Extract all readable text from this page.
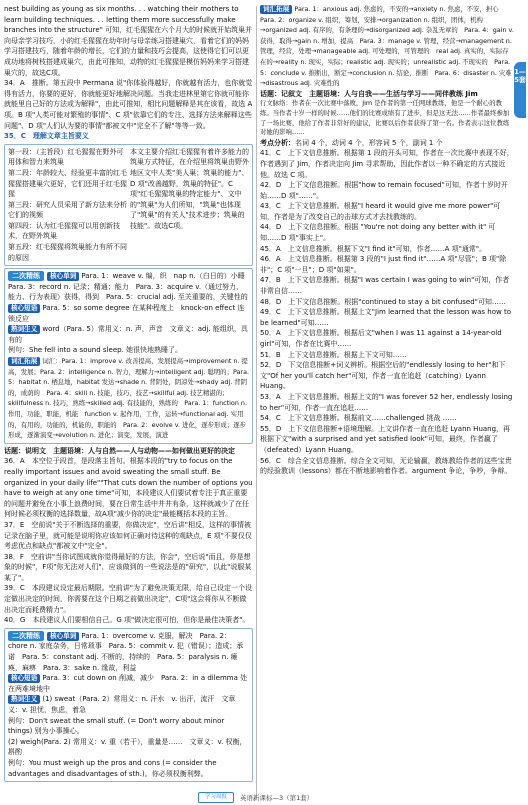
1—5套

nest building as young as six months. . . watching their mothers to learn building techniques. . . letting them more successfully make branches into the structure" 可知，红毛猩猩在六个月大的时候就开始筑巢并向母亲学习技巧，小的红毛猩猩在幼年时与母亲练习搭建巢穴，看着它们的妈妈学习搭建技巧，随着年龄的增长，它们的力量和技巧会提高，这使得它们可以更成功地将树枝搭建成巢穴，由此可推知，动物的红毛猩猩是模仿妈妈来学习搭建巢穴的，故选C项。

34．A　推断。第五段中 Permana 说"你体验得越好，你就越有活力，也你就觉得有活力，你要的更好，你就能更好地解决问题。当我走进林里第它你就可能你就能里自己好的方法或为解释"，由此可推知，相比问题解释是其在该看，故选 A 项。B 项"人类可能对繁殖的事情"、C 项"依靠它们的专注、选择方法来解释这些问题"、D 项"人们认为要的事情"都被文中"完全不了解"等等一致。

35．C　理解文章主旨要义

第一段：（主旨段）红毛猩猩在野外可用体和智力来筑巢

第二段：年龄较大、经验更丰富的红毛猩猩搭建巢穴更好，它们还用于红毛猩猩

第三段：研究人员采用了新方法来分析它们的视频

第四段：认为红毛猩猩可以用创新技术，在野外筑巢

第五段：红毛猩猩将筑巢能力有所不同的原因

本文主要介绍红毛猩猩有着许多能力的筑巢方式特征，在介绍里将筑巢由野外地区文中人类"美人巢；筑巢的能力"、D 项"改善越野，筑巢的特征"。C 项"红毛猩猩筑巢的特定能力"、文中的"筑巢"为人们所知，"筑巢"也体现了"筑巢"的有关人"技术进步；筑巢的技能"。故选C项。

二次精练 核心单词 Para. 1：weave v. 编，织　nap n.（白日的）小睡　Para. 3：record n. 记录；精通；能力　Para. 3：acquire v.（通过努力、能力、行为表现）获得，得到　Para. 5：crucial adj. 至关重要的，关键性的

核心短语 Para. 5：so some degree 在某种程度上　knock-on effect 连锁反应

熟词生义 word（Para. 5）常用义：n. 声，声音　文章义：adj. 能组织，具有的

例句：She fell into a sound sleep. 她很快地熟睡了。

词汇拓展 词汇：Para. 1：improve v. 改善提高，发展提高→improvement n. 提高，发展；Para. 2：intelligence n. 智力，理解力→intelligent adj. 聪明的；Para. 5：habitat n. 栖息地，habitat 发达→shade n. 背阴处，阴凉处→shady adj. 背阴的，成荫的　Para. 4：skill n. 技能，技巧，技艺→skillful adj. 技艺精湛的；skillfulness n. 技巧，熟练→skilled adj. 有技能的，熟练的　Para. 1：function n. 作用，功能，职能，机能　function v. 起作用，工作，运转→functional adj. 实用的，有用的，功能的，机能的，职能的　Para. 2：evolve v. 进化，逐步形成；逐步形成，逐渐演变→evolution n. 进化；演变，发展，演进

话题：说明文　主题语境：人与自然——人与动物——如何做出更好的决定

36．A　本空位于段首，是段落主旨句。根据本段的"try to focus on the really important issues and avoid sweating the small stuff. Be organized in your daily life""That cuts down the number of options you have to weigh at any one time"可知，本段建议人们要试着专注于真正重要的问题并避免在小事上浪费时间，要在日常生活中井井有条，这样就减少了在任何时候必须权衡的选择数量，故A项"减少你的决定"最能概括本段的主旨。

37．E　空前说"关于不断选择的重要，你做决定"，空后讲"相反，这样的事情被记录在脑子里，就可能是说明你应该如何正确对待这种的观缺点，E 项"不要仅仅考虑优点和缺点"都被文中"完全"。

38．F　空前讲"当你试图成就你觉得最好的方法，你会"，空后说"而且，你是想象的时候"，F项"你无法对人们"，应该做到的一些说法是的"研究"，以此"说服某某了"。

39．C　本段建议设定最后期限。空前讲"为了避免决策无限，给自己设定一个设定做出决定的时间，你需要在这个日期之前做出决定"，C项"这会将你从不断做出决定而耗费精力"。

40．G　本段建议人们要相信自己。G 项"做决定很可怕，但你是最佳决策者"。

二次精练 核心单词 Para. 1：overcome v. 克服，解决　Para. 2：chore n. 家庭杂务，日常琐事　Para. 5：commit v. 犯（错误）；造成；承诺　Para. 5：constant adj. 不断的，持续的　Para. 5：paralysis n. 瘫痪，麻痹　Para. 3：sake n. 缘故，利益

核心短语 Para. 3：cut down on 削减，减少　Para. 2：in a dilemma 处在两难境地中

熟词生义 (1) sweat（Para. 2）常用义：n. 汗水　v. 出汗，流汗　文章义：v. 担忧，焦虑，着急

例句：Don't sweat the small stuff. (= Don't worry about minor things) 别为小事操心。

(2) weigh(Para. 2) 常用义：v. 重（若干），重量是……　文章义：v. 权衡，斟酌

例句：You must weigh up the pros and cons (= consider the advantages and disadvantages of sth.)。你必须权衡利弊。

词汇拓展 Para. 1：anxious adj. 焦虑的，不安的→anxiety n. 焦虑，不安，担心　Para. 2：organize v. 组织，筹划，安排→organization n. 组织，团体，机构→organized adj. 有序的，有条理的→disorganized adj. 杂乱无章的　Para. 4：gain v. 获得，取得→gain n. 增加，提高　Para. 3：manage v. 管理，经营→management n. 管理，经营，处理→manageable adj. 可处理的，可管理的　real adj. 真实的，实际存在的→reality n. 现实，实际；realistic adj. 现实的；unrealistic adj. 不现实的　Para. 5：conclude v. 推断出，断定→conclusion n. 结论，推断　Para. 6：disaster n. 灾难→disastrous adj. 灾难性的

话题：记叙文　主题语境：人与自我——生活与学习——同伴教练 Jim

行文脉络：作者在一次比赛中落败，Jim 是作者的第一任网球教练，他是一个耐心的教练。当作者十岁一样的时候……他们的比赛成绩有了进步，但是这无法……作者最终参加了一场比赛，他给了作者非常好的建议，比赛以后作者获得了第一名。作者表示这位教练对她的影响……

考点分析：名词 4 个，动词 4 个，形容词 5 个，副词 1 个

41．C　上下文信息推断。根据第 1 段的开头可知，作者在一次比赛中表现不好，作者遇到了 Jim，作者决定向 Jim 寻求帮助，因此作者以一种不确定的方式接近他。故选 C 项。

42．D　上下文信息推断。根据"how to remain focused"可知，作者十岁时开始……D 项"……"。

43．C　上下文信息推断。根据"I heard it would give me more power"可知，作者是为了改变自己的击球方式才去找教练的。

44．D　上下文信息推断。根据 "You're not doing any better with it" 可知……D 项"事实上"。

45．A　上文信息推断。根据下文"I find it"可知，作者……A 项"通常"。

46．A　上文信息推断。根据第 3 段的"I just find it"……A 项"尽管"；B 项"除非"；C 项"一旦"；D 项"如果"。

47．B　上下文信息推断。根据"I was certain I was going to win"可知，作者非常自信……

48．D　上下文信息推断。根据"continued to stay a bit confused"可知……

49．C　上下文信息推断。根据上文"Jim learned that the lesson was how to be learned"可知……

50．A　上下文信息推断。根据后文"when I was 11 against a 14-year-old girl"可知，作者在比赛中……

51．B　上下文信息推断。根据上下文可知……

52．D　下文信息推断+词义辨析。根据空后的"endlessly losing to her"和下文"Of her you'll catch her"可知，作者一直在追赶（catching）Lyann Huang。

53．A　上下文信息推断。根据上文的"I was forever 52 her, endlessly losing to her"可知，作者一直在追赶……

54．C　上下文信息推断。根据前文……challenged 挑战 ……

55．D　上下文信息推断+语境理解。上文讲作者一直在追赶 Lyann Huang，再根据下文"with a surprised and yet satisfied look"可知，最终，作者赢了（defeated）Lyann Huang。

56．C　综合全文信息推断。综合全文可知，无论输赢，教练教给作者的这些宝贵的经验教训（lessons）都在不断地影响着作者。argument 争论，争吵，争辩。

学习周报	英语新课标—3（第1套）
